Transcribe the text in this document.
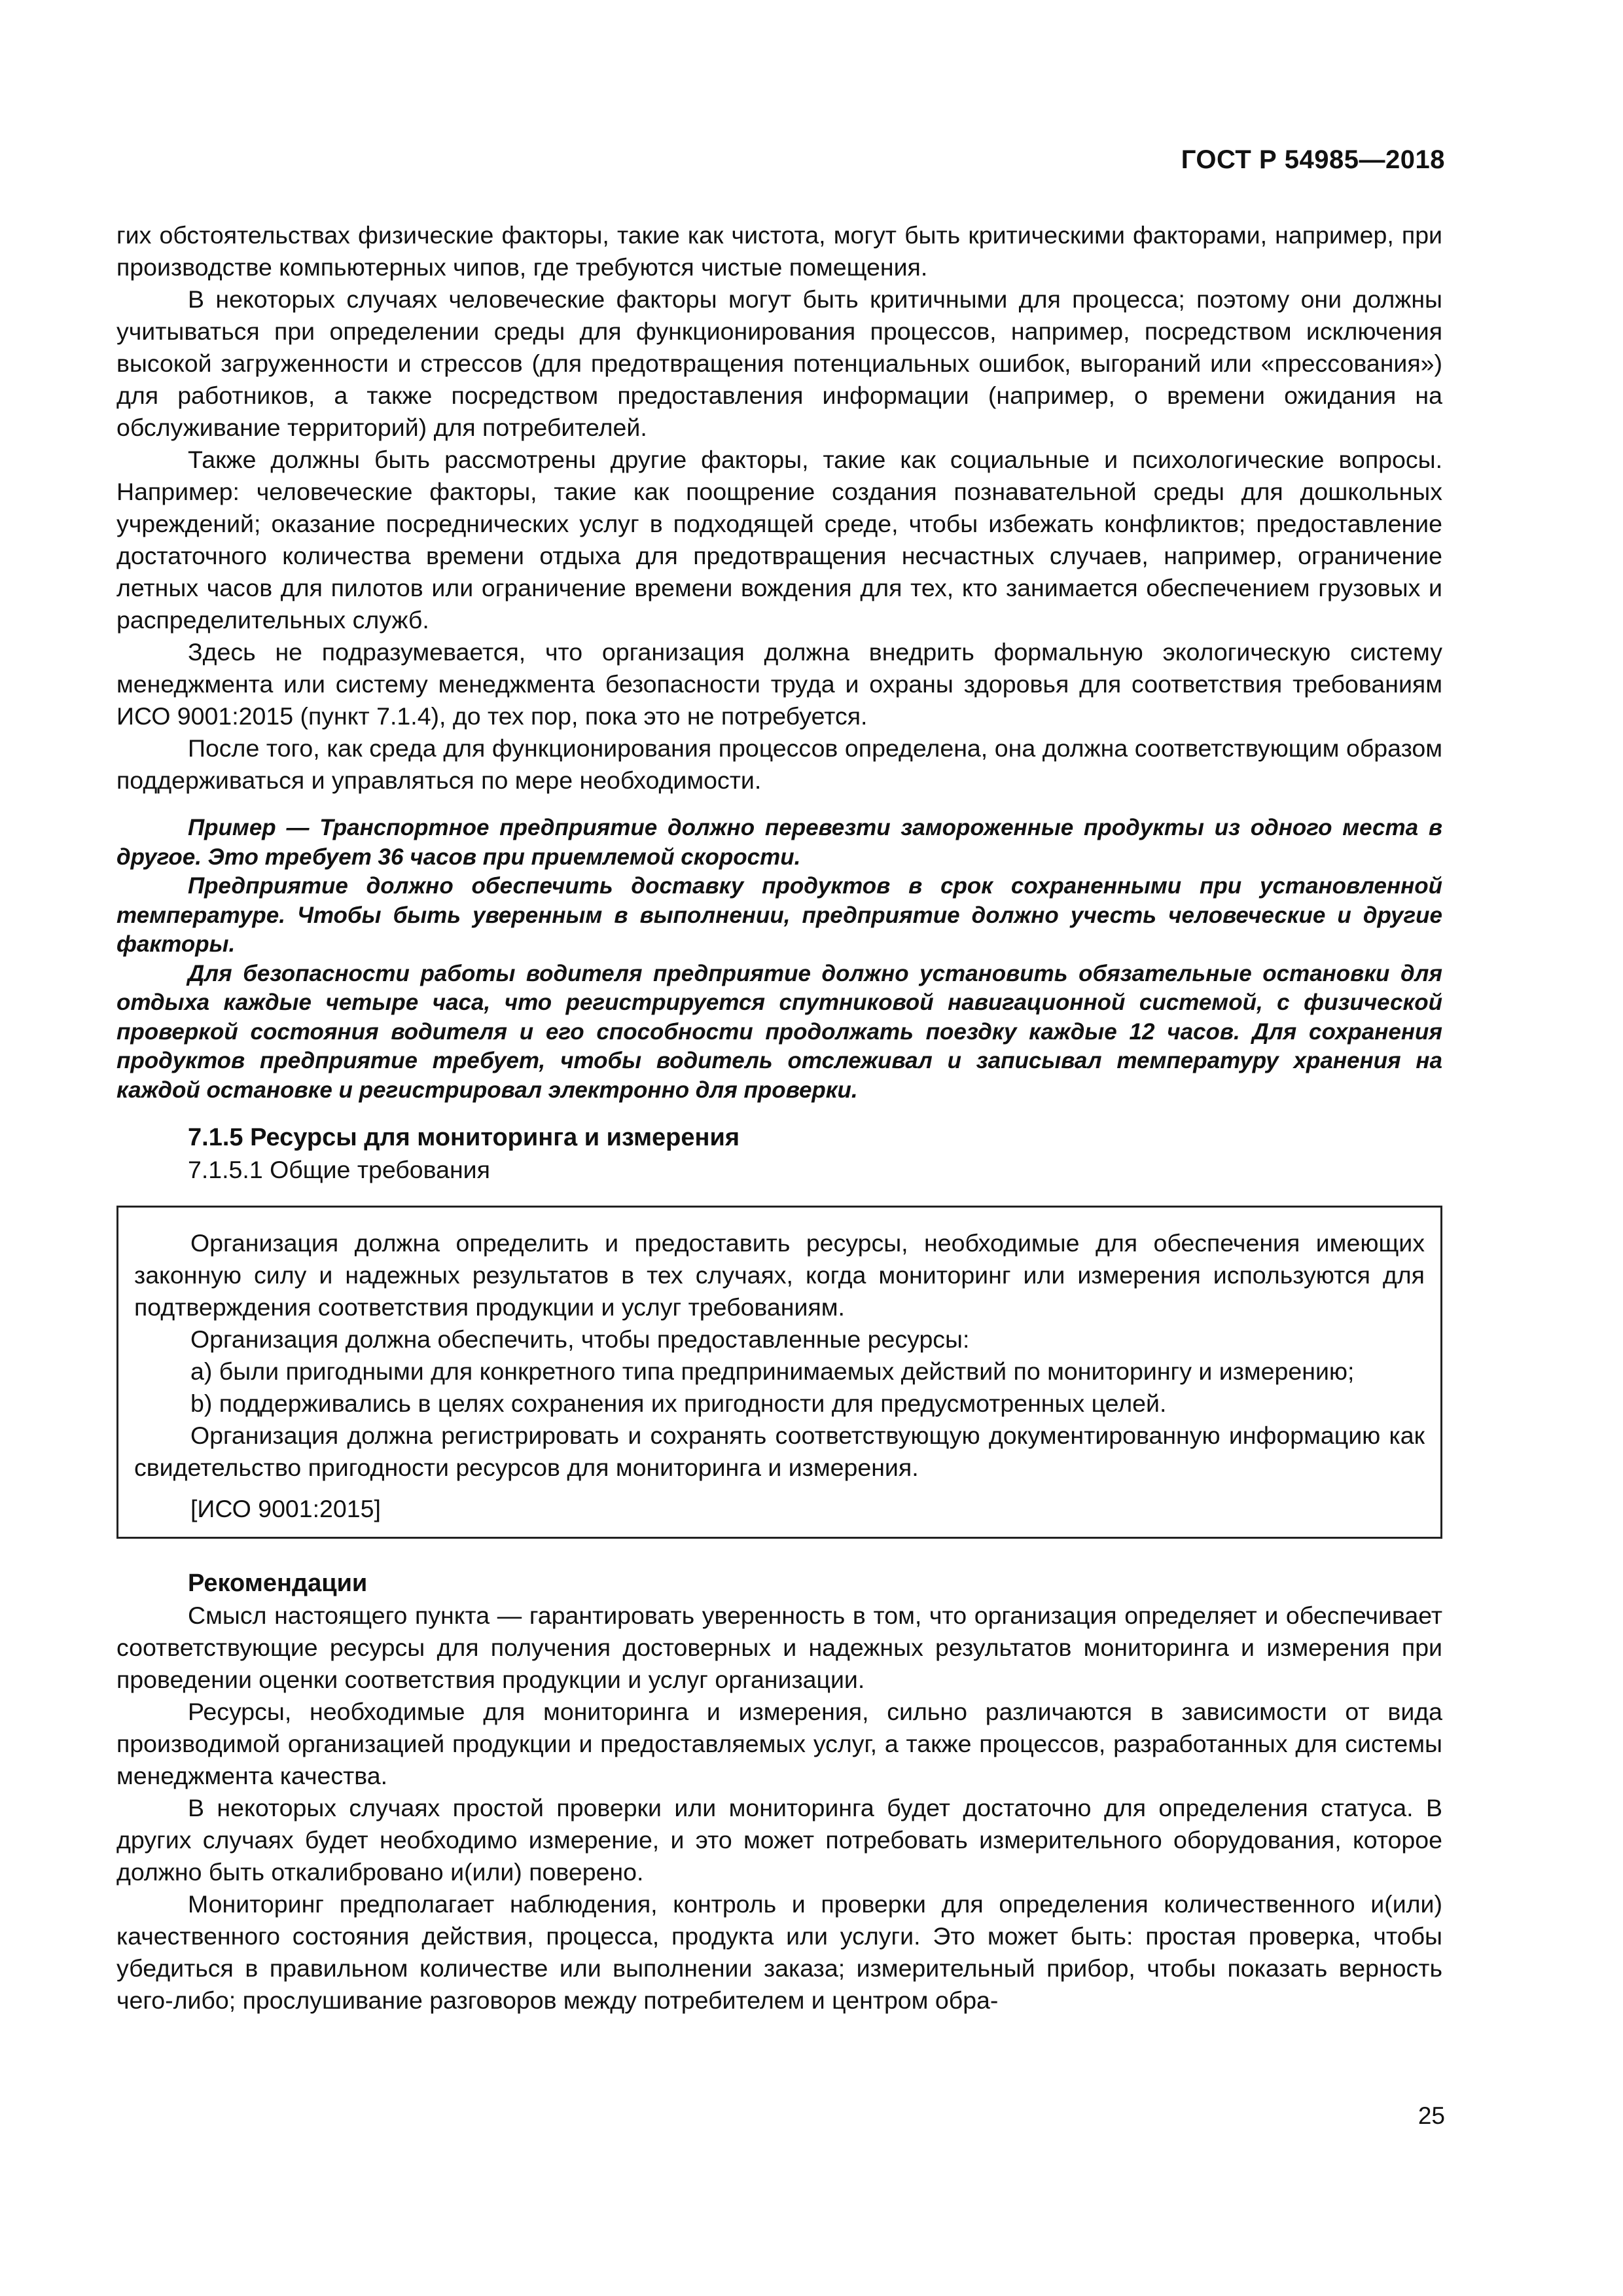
ГОСТ Р 54985—2018

гих обстоятельствах физические факторы, такие как чистота, могут быть критическими факторами, например, при производстве компьютерных чипов, где требуются чистые помещения.

В некоторых случаях человеческие факторы могут быть критичными для процесса; поэтому они должны учитываться при определении среды для функционирования процессов, например, посредством исключения высокой загруженности и стрессов (для предотвращения потенциальных ошибок, выгораний или «прессования») для работников, а также посредством предоставления информации (например, о времени ожидания на обслуживание территорий) для потребителей.

Также должны быть рассмотрены другие факторы, такие как социальные и психологические вопросы. Например: человеческие факторы, такие как поощрение создания познавательной среды для дошкольных учреждений; оказание посреднических услуг в подходящей среде, чтобы избежать конфликтов; предоставление достаточного количества времени отдыха для предотвращения несчастных случаев, например, ограничение летных часов для пилотов или ограничение времени вождения для тех, кто занимается обеспечением грузовых и распределительных служб.

Здесь не подразумевается, что организация должна внедрить формальную экологическую систему менеджмента или систему менеджмента безопасности труда и охраны здоровья для соответствия требованиям ИСО 9001:2015 (пункт 7.1.4), до тех пор, пока это не потребуется.

После того, как среда для функционирования процессов определена, она должна соответствующим образом поддерживаться и управляться по мере необходимости.

Пример — Транспортное предприятие должно перевезти замороженные продукты из одного места в другое. Это требует 36 часов при приемлемой скорости.

Предприятие должно обеспечить доставку продуктов в срок сохраненными при установленной температуре. Чтобы быть уверенным в выполнении, предприятие должно учесть человеческие и другие факторы.

Для безопасности работы водителя предприятие должно установить обязательные остановки для отдыха каждые четыре часа, что регистрируется спутниковой навигационной системой, с физической проверкой состояния водителя и его способности продолжать поездку каждые 12 часов. Для сохранения продуктов предприятие требует, чтобы водитель отслеживал и записывал температуру хранения на каждой остановке и регистрировал электронно для проверки.

7.1.5 Ресурсы для мониторинга и измерения

7.1.5.1 Общие требования

Организация должна определить и предоставить ресурсы, необходимые для обеспечения имеющих законную силу и надежных результатов в тех случаях, когда мониторинг или измерения используются для подтверждения соответствия продукции и услуг требованиям.

Организация должна обеспечить, чтобы предоставленные ресурсы:

a) были пригодными для конкретного типа предпринимаемых действий по мониторингу и измерению;

b) поддерживались в целях сохранения их пригодности для предусмотренных целей.

Организация должна регистрировать и сохранять соответствующую документированную информацию как свидетельство пригодности ресурсов для мониторинга и измерения.

[ИСО 9001:2015]

Рекомендации

Смысл настоящего пункта — гарантировать уверенность в том, что организация определяет и обеспечивает соответствующие ресурсы для получения достоверных и надежных результатов мониторинга и измерения при проведении оценки соответствия продукции и услуг организации.

Ресурсы, необходимые для мониторинга и измерения, сильно различаются в зависимости от вида производимой организацией продукции и предоставляемых услуг, а также процессов, разработанных для системы менеджмента качества.

В некоторых случаях простой проверки или мониторинга будет достаточно для определения статуса. В других случаях будет необходимо измерение, и это может потребовать измерительного оборудования, которое должно быть откалибровано и(или) поверено.

Мониторинг предполагает наблюдения, контроль и проверки для определения количественного и(или) качественного состояния действия, процесса, продукта или услуги. Это может быть: простая проверка, чтобы убедиться в правильном количестве или выполнении заказа; измерительный прибор, чтобы показать верность чего-либо; прослушивание разговоров между потребителем и центром обра-

25
